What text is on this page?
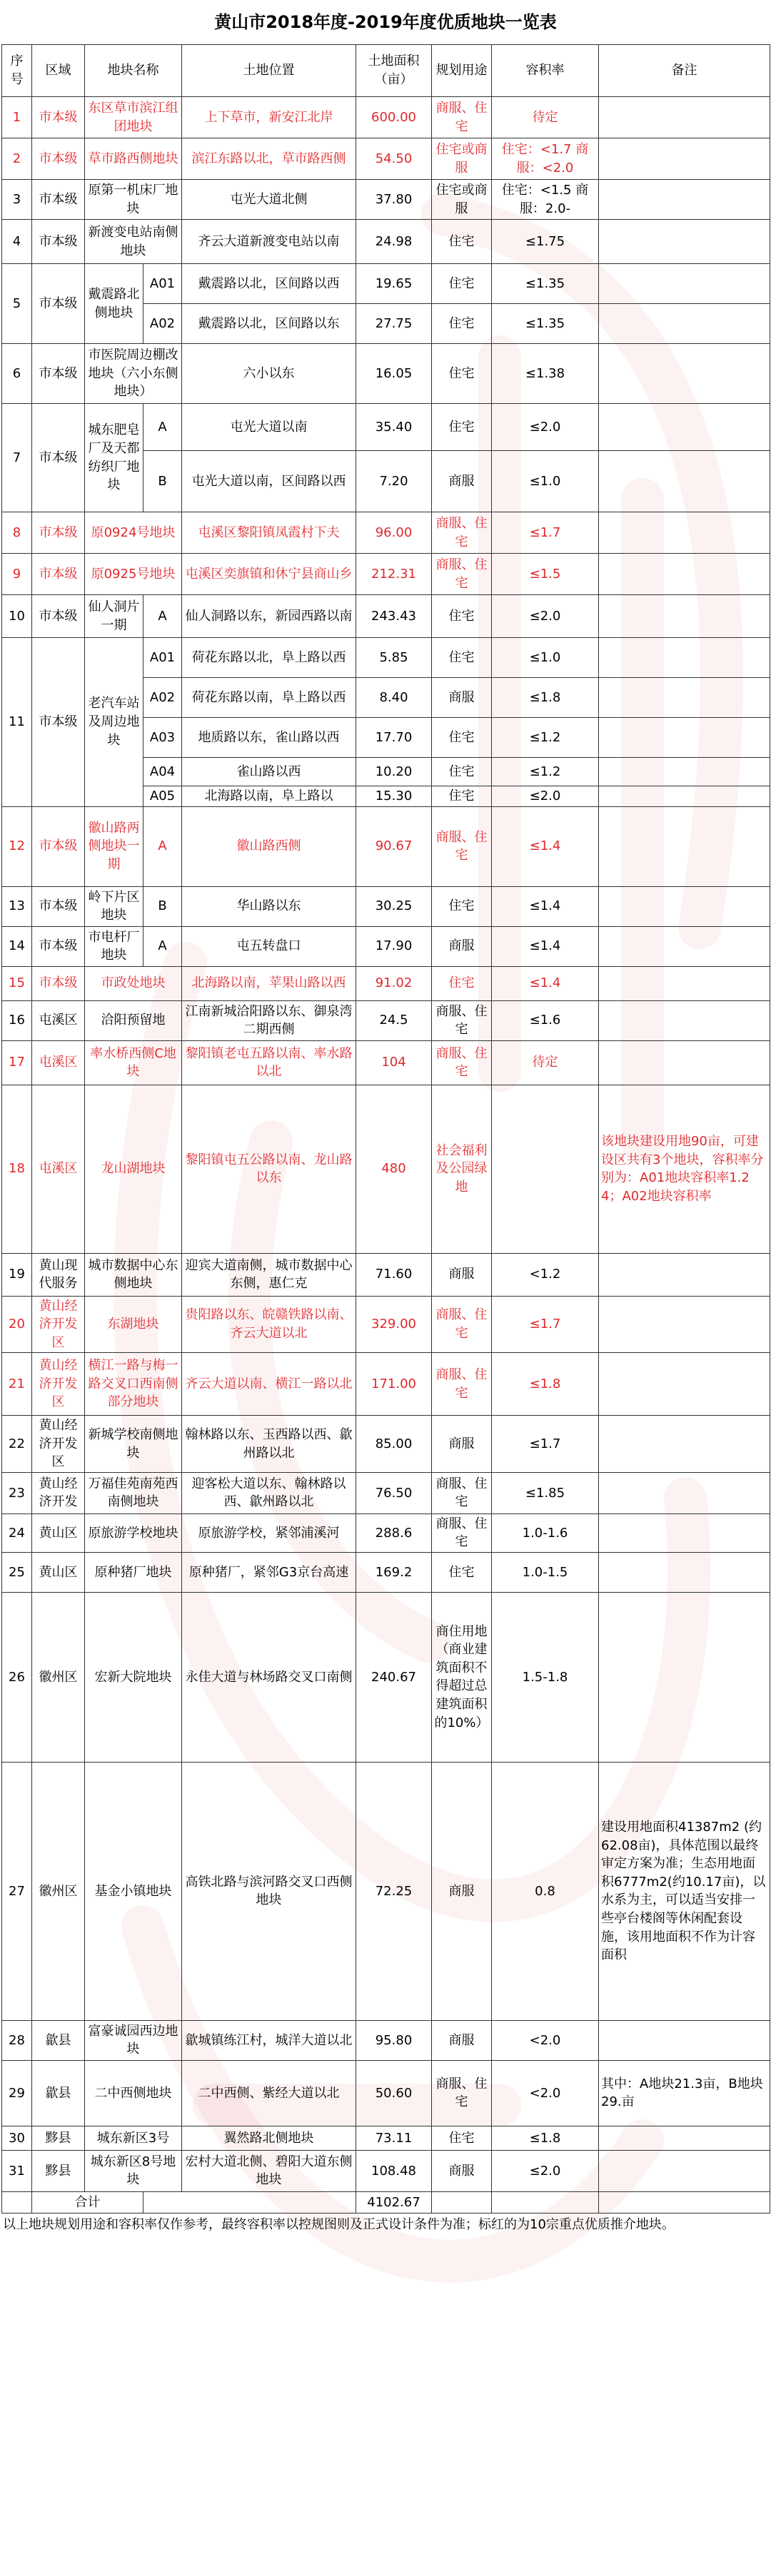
黄山市2018年度-2019年度优质地块一览表
序号	区域	地块名称		土地位置	土地面积（亩）	规划用途	容积率	备注
1	市本级	东区草市滨江组团地块		上下草市，新安江北岸	600.00	商服、住宅	待定	
2	市本级	草市路西侧地块		滨江东路以北，草市路西侧	54.50	住宅或商服	住宅：<1.7 商服：<2.0	
3	市本级	原第一机床厂地块		屯光大道北侧	37.80	住宅或商服	住宅：<1.5 商服：2.0-	
4	市本级	新渡变电站南侧地块		齐云大道新渡变电站以南	24.98	住宅	≤1.75	
5	市本级	戴震路北侧地块	A01	戴震路以北，区间路以西	19.65	住宅	≤1.35	
			A02	戴震路以北，区间路以东	27.75	住宅	≤1.35	
6	市本级	市医院周边棚改地块（六小东侧地块）		六小以东	16.05	住宅	≤1.38	
7	市本级	城东肥皂厂及天都纺织厂地块	A	屯光大道以南	35.40	住宅	≤2.0	
			B	屯光大道以南，区间路以西	7.20	商服	≤1.0	
8	市本级	原0924号地块		屯溪区黎阳镇凤霞村下夫	96.00	商服、住宅	≤1.7	
9	市本级	原0925号地块		屯溪区奕旗镇和休宁县商山乡	212.31	商服、住宅	≤1.5	
10	市本级	仙人洞片一期	A	仙人洞路以东，新园西路以南	243.43	住宅	≤2.0	
11	市本级	老汽车站及周边地块	A01	荷花东路以北，阜上路以西	5.85	住宅	≤1.0	
			A02	荷花东路以南，阜上路以西	8.40	商服	≤1.8	
			A03	地质路以东，雀山路以西	17.70	住宅	≤1.2	
			A04	雀山路以西	10.20	住宅	≤1.2	
			A05	北海路以南，阜上路以	15.30	住宅	≤2.0	
12	市本级	徽山路两侧地块一期	A	徽山路西侧	90.67	商服、住宅	≤1.4	
13	市本级	岭下片区地块	B	华山路以东	30.25	住宅	≤1.4	
14	市本级	市电杆厂地块	A	屯五转盘口	17.90	商服	≤1.4	
15	市本级	市政处地块		北海路以南，苹果山路以西	91.02	住宅	≤1.4	
16	屯溪区	洽阳预留地		江南新城洽阳路以东、御泉湾二期西侧	24.5	商服、住宅	≤1.6	
17	屯溪区	率水桥西侧C地块		黎阳镇老屯五路以南、率水路以北	104	商服、住宅	待定	
18	屯溪区	龙山湖地块		黎阳镇屯五公路以南、龙山路以东	480	社会福利及公园绿地		该地块建设用地90亩，可建设区共有3个地块，容积率分别为：A01地块容积率1.24；A02地块容积率
19	黄山现代服务	城市数据中心东侧地块		迎宾大道南侧，城市数据中心东侧，惠仁克	71.60	商服	<1.2	
20	黄山经济开发区	东湖地块		贵阳路以东、皖赣铁路以南、齐云大道以北	329.00	商服、住宅	≤1.7	
21	黄山经济开发区	横江一路与梅一路交叉口西南侧部分地块		齐云大道以南、横江一路以北	171.00	商服、住宅	≤1.8	
22	黄山经济开发区	新城学校南侧地块		翰林路以东、玉西路以西、歙州路以北	85.00	商服	≤1.7	
23	黄山经济开发	万福佳苑南苑西南侧地块		迎客松大道以东、翰林路以西、歙州路以北	76.50	商服、住宅	≤1.85	
24	黄山区	原旅游学校地块		原旅游学校，紧邻浦溪河	288.6	商服、住宅	1.0-1.6	
25	黄山区	原种猪厂地块		原种猪厂，紧邻G3京台高速	169.2	住宅	1.0-1.5	
26	徽州区	宏新大院地块		永佳大道与林场路交叉口南侧	240.67	商住用地（商业建筑面积不得超过总建筑面积的10%）	1.5-1.8	
27	徽州区	基金小镇地块		高铁北路与滨河路交叉口西侧地块	72.25	商服	0.8	建设用地面积41387m2 (约62.08亩)，具体范围以最终审定方案为准；生态用地面积6777m2(约10.17亩)，以水系为主，可以适当安排一些亭台楼阁等休闲配套设施，该用地面积不作为计容面积
28	歙县	富豪诚园西边地块		歙城镇练江村，城洋大道以北	95.80	商服	<2.0	
29	歙县	二中西侧地块		二中西侧、紫经大道以北	50.60	商服、住宅	<2.0	其中：A地块21.3亩，B地块29.亩
30	黟县	城东新区3号		翼然路北侧地块	73.11	住宅	≤1.8	
31	黟县	城东新区8号地块		宏村大道北侧、碧阳大道东侧地块	108.48	商服	≤2.0	
	合计				4102.67			
以上地块规划用途和容积率仅作参考，最终容积率以控规图则及正式设计条件为准；标红的为10宗重点优质推介地块。
